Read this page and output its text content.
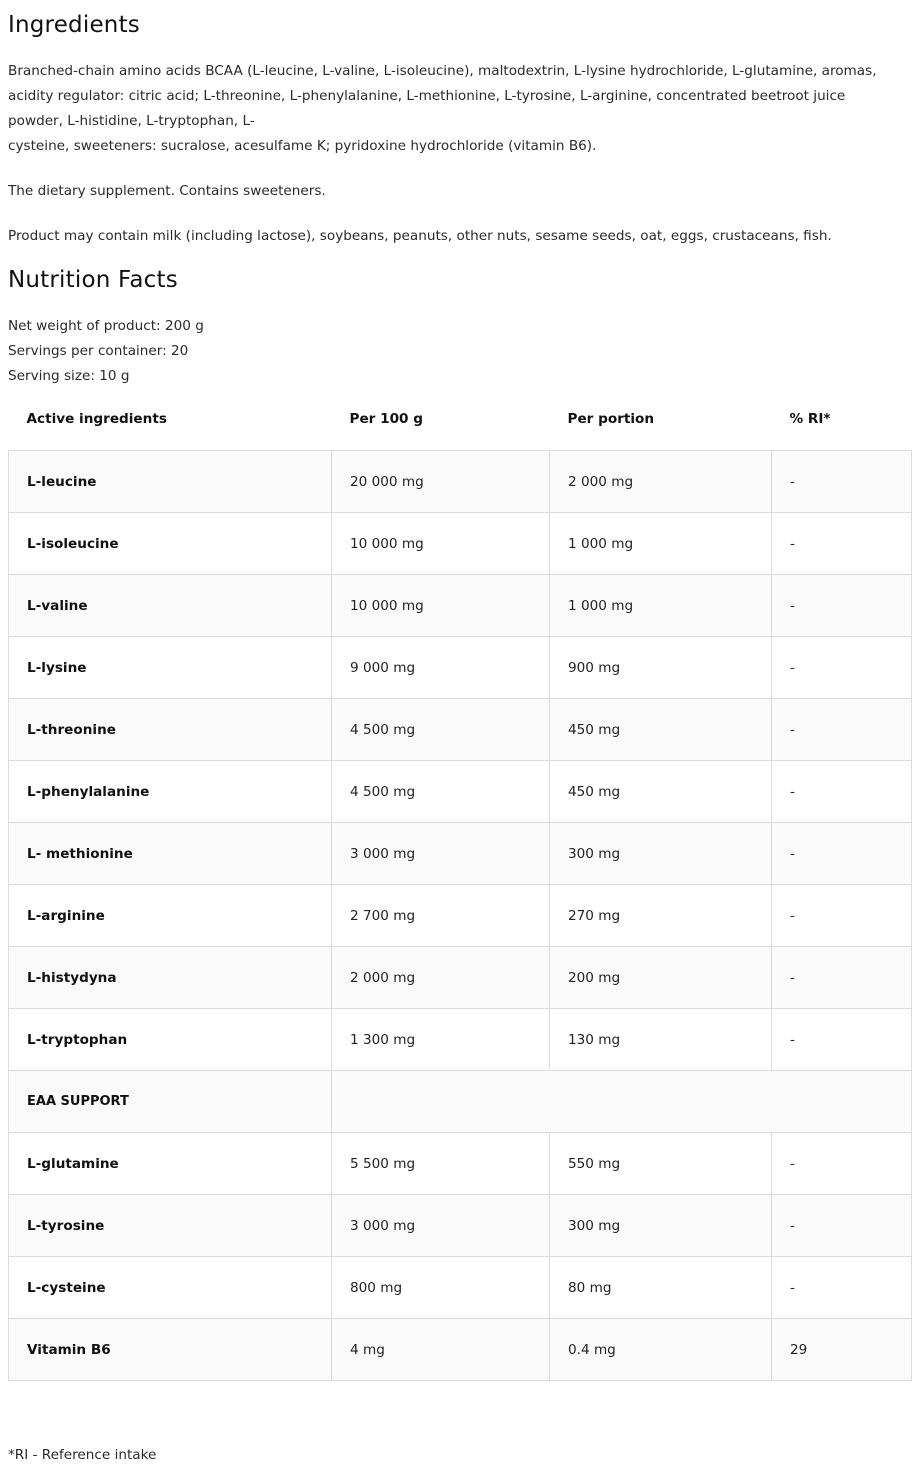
Ingredients
Branched-chain amino acids BCAA (L-leucine, L-valine, L-isoleucine), maltodextrin, L-lysine hydrochloride, L-glutamine, aromas,
acidity regulator: citric acid; L-threonine, L-phenylalanine, L-methionine, L-tyrosine, L-arginine, concentrated beetroot juice
powder, L-histidine, L-tryptophan, L-
cysteine, sweeteners: sucralose, acesulfame K; pyridoxine hydrochloride (vitamin B6).
The dietary supplement. Contains sweeteners.
Product may contain milk (including lactose), soybeans, peanuts, other nuts, sesame seeds, oat, eggs, crustaceans, fish.
Nutrition Facts
Net weight of product: 200 g
Servings per container: 20
Serving size: 10 g
Active ingredients	Per 100 g	Per portion	% RI*
L-leucine	20 000 mg	2 000 mg	-
L-isoleucine	10 000 mg	1 000 mg	-
L-valine	10 000 mg	1 000 mg	-
L-lysine	9 000 mg	900 mg	-
L-threonine	4 500 mg	450 mg	-
L-phenylalanine	4 500 mg	450 mg	-
L- methionine	3 000 mg	300 mg	-
L-arginine	2 700 mg	270 mg	-
L-histydyna	2 000 mg	200 mg	-
L-tryptophan	1 300 mg	130 mg	-
EAA SUPPORT			
L-glutamine	5 500 mg	550 mg	-
L-tyrosine	3 000 mg	300 mg	-
L-cysteine	800 mg	80 mg	-
Vitamin B6	4 mg	0.4 mg	29
*RI - Reference intake
